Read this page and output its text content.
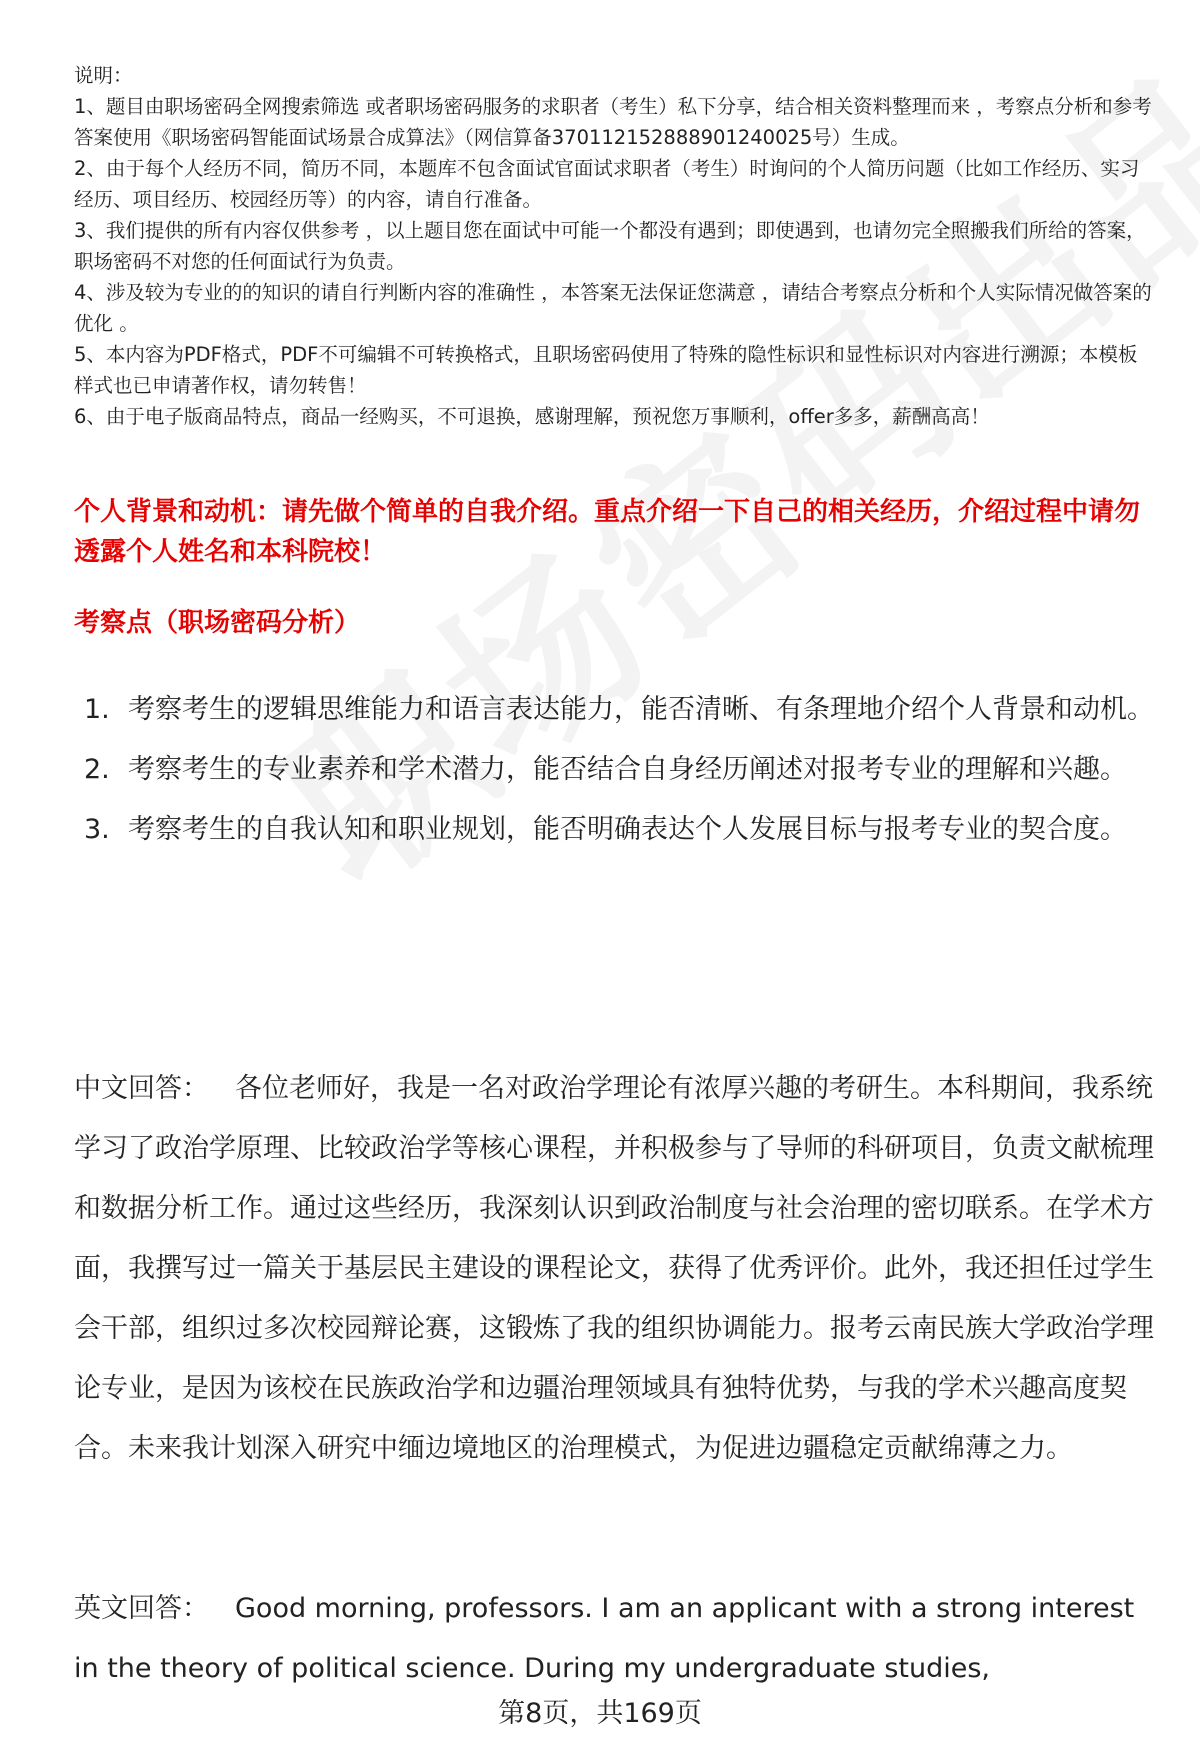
说明：

1、题目由职场密码全网搜索筛选 或者职场密码服务的求职者（考生）私下分享，结合相关资料整理而来 ，考察点分析和参考答案使用《职场密码智能面试场景合成算法》（网信算备370112152888901240025号）生成。

2、由于每个人经历不同，简历不同，本题库不包含面试官面试求职者（考生）时询问的个人简历问题（比如工作经历、实习经历、项目经历、校园经历等）的内容，请自行准备。

3、我们提供的所有内容仅供参考 ，以上题目您在面试中可能一个都没有遇到；即使遇到，也请勿完全照搬我们所给的答案，职场密码不对您的任何面试行为负责。

4、涉及较为专业的的知识的请自行判断内容的准确性 ，本答案无法保证您满意 ，请结合考察点分析和个人实际情况做答案的优化 。

5、本内容为PDF格式，PDF不可编辑不可转换格式，且职场密码使用了特殊的隐性标识和显性标识对内容进行溯源；本模板样式也已申请著作权，请勿转售！

6、由于电子版商品特点，商品一经购买，不可退换，感谢理解，预祝您万事顺利，offer多多，薪酬高高！

个人背景和动机：请先做个简单的自我介绍。重点介绍一下自己的相关经历，介绍过程中请勿透露个人姓名和本科院校！
考察点（职场密码分析）
1. 考察考生的逻辑思维能力和语言表达能力，能否清晰、有条理地介绍个人背景和动机。
2. 考察考生的专业素养和学术潜力，能否结合自身经历阐述对报考专业的理解和兴趣。
3. 考察考生的自我认知和职业规划，能否明确表达个人发展目标与报考专业的契合度。

中文回答： 各位老师好，我是一名对政治学理论有浓厚兴趣的考研生。本科期间，我系统学习了政治学原理、比较政治学等核心课程，并积极参与了导师的科研项目，负责文献梳理和数据分析工作。通过这些经历，我深刻认识到政治制度与社会治理的密切联系。在学术方面，我撰写过一篇关于基层民主建设的课程论文，获得了优秀评价。此外，我还担任过学生会干部，组织过多次校园辩论赛，这锻炼了我的组织协调能力。报考云南民族大学政治学理论专业，是因为该校在民族政治学和边疆治理领域具有独特优势，与我的学术兴趣高度契合。未来我计划深入研究中缅边境地区的治理模式，为促进边疆稳定贡献绵薄之力。

英文回答： Good morning, professors. I am an applicant with a strong interest in the theory of political science. During my undergraduate studies,

第8页，共169页
